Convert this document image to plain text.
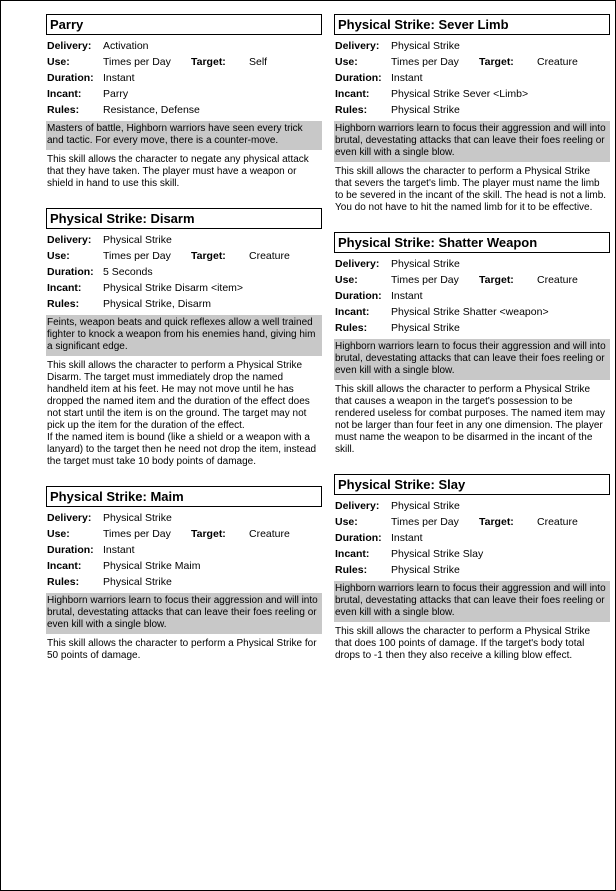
Parry
Delivery: Activation
Use:	Times per Day Target: Self
Duration: Instant
Incant: Parry
Rules: Resistance, Defense
Masters of battle, Highborn warriors have seen every trick and tactic. For every move, there is a counter-move.
This skill allows the character to negate any physical attack that they have taken. The player must have a weapon or shield in hand to use this skill.
Physical Strike: Disarm
Delivery: Physical Strike
Use:	Times per Day Target: Creature
Duration: 5 Seconds
Incant: Physical Strike Disarm <item>
Rules: Physical Strike, Disarm
Feints, weapon beats and quick reflexes allow a well trained fighter to knock a weapon from his enemies hand, giving him a significant edge.
This skill allows the character to perform a Physical Strike Disarm. The target must immediately drop the named handheld item at his feet. He may not move until he has dropped the named item and the duration of the effect does not start until the item is on the ground. The target may not pick up the item for the duration of the effect.
If the named item is bound (like a shield or a weapon with a lanyard) to the target then he need not drop the item, instead the target must take 10 body points of damage.
Physical Strike: Maim
Delivery: Physical Strike
Use:	Times per Day Target: Creature
Duration: Instant
Incant: Physical Strike Maim
Rules: Physical Strike
Highborn warriors learn to focus their aggression and will into brutal, devestating attacks that can leave their foes reeling or even kill with a single blow.
This skill allows the character to perform a Physical Strike for 50 points of damage.
Physical Strike: Sever Limb
Delivery: Physical Strike
Use:	Times per Day Target: Creature
Duration: Instant
Incant: Physical Strike Sever <Limb>
Rules: Physical Strike
Highborn warriors learn to focus their aggression and will into brutal, devestating attacks that can leave their foes reeling or even kill with a single blow.
This skill allows the character to perform a Physical Strike that severs the target's limb. The player must name the limb to be severed in the incant of the skill. The head is not a limb. You do not have to hit the named limb for it to be effective.
Physical Strike: Shatter Weapon
Delivery: Physical Strike
Use:	Times per Day Target: Creature
Duration: Instant
Incant: Physical Strike Shatter <weapon>
Rules: Physical Strike
Highborn warriors learn to focus their aggression and will into brutal, devestating attacks that can leave their foes reeling or even kill with a single blow.
This skill allows the character to perform a Physical Strike that causes a weapon in the target's possession to be rendered useless for combat purposes. The named item may not be larger than four feet in any one dimension. The player must name the weapon to be disarmed in the incant of the skill.
Physical Strike: Slay
Delivery: Physical Strike
Use:	Times per Day Target: Creature
Duration: Instant
Incant: Physical Strike Slay
Rules: Physical Strike
Highborn warriors learn to focus their aggression and will into brutal, devestating attacks that can leave their foes reeling or even kill with a single blow.
This skill allows the character to perform a Physical Strike that does 100 points of damage. If the target's body total drops to -1 then they also receive a killing blow effect.
